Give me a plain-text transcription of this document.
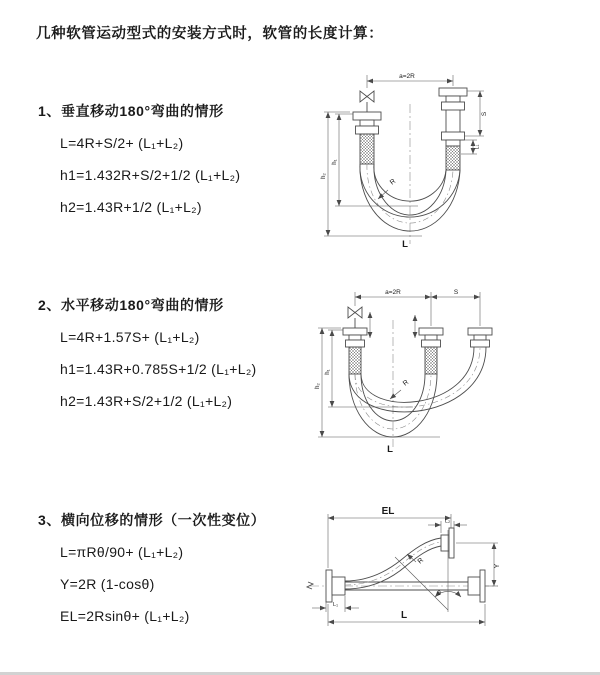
几种软管运动型式的安装方式时，软管的长度计算：
1、垂直移动180°弯曲的情形
L=4R+S/2+ (L₁+L₂)
h1=1.432R+S/2+1/2 (L₁+L₂)
h2=1.43R+1/2 (L₁+L₂)
a=2R
R
S
L₁
h₂
h₁
L
2、水平移动180°弯曲的情形
L=4R+1.57S+ (L₁+L₂)
h1=1.43R+0.785S+1/2 (L₁+L₂)
h2=1.43R+S/2+1/2 (L₁+L₂)
a=2R	S
R
h₂
h₁
L
3、横向位移的情形（一次性变位）
L=πRθ/90+ (L₁+L₂)
Y=2R (1-cosθ)
EL=2Rsinθ+ (L₁+L₂)
EL
L₂
Y
R
θ
L
L₁
